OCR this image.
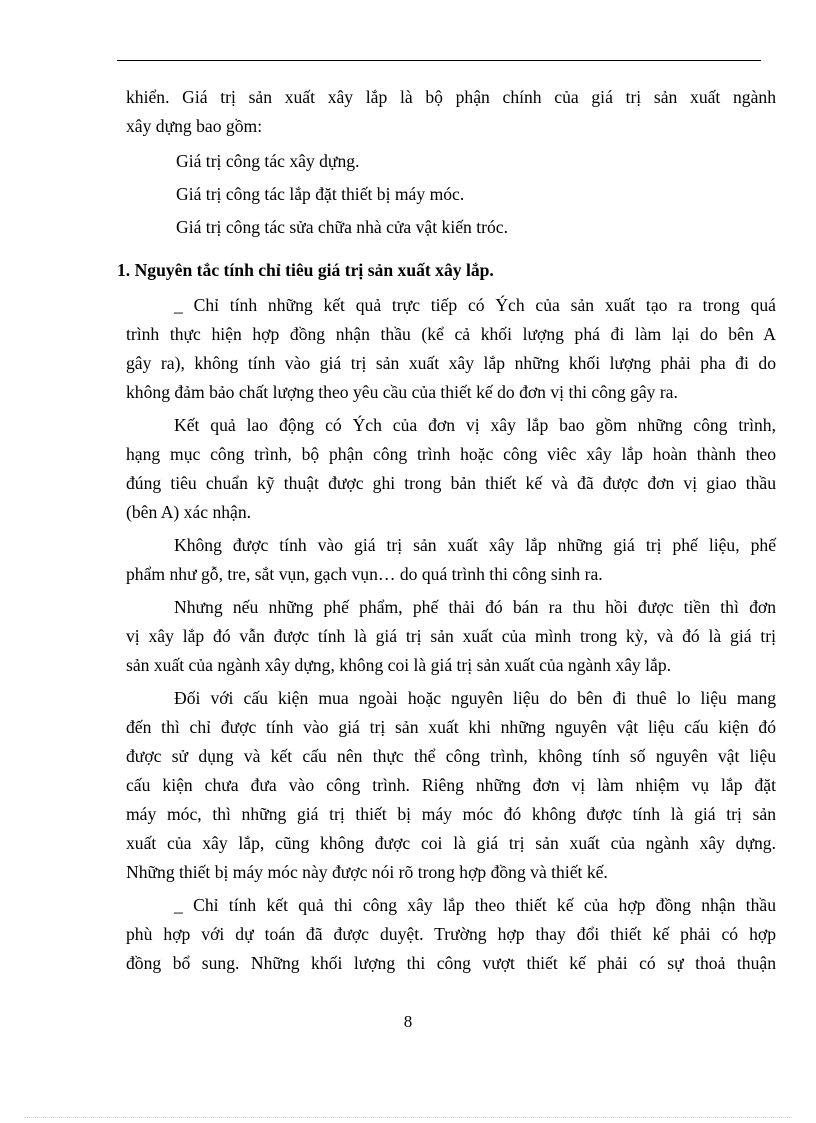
khiển. Giá trị sản xuất xây lắp là bộ phận chính của giá trị sản xuất ngành
xây dựng bao gồm:
Giá trị công tác xây dựng.
Giá trị công tác lắp đặt thiết bị máy móc.
Giá trị công tác sửa chữa nhà cửa vật kiến tróc.
1. Nguyên tắc tính chỉ tiêu giá trị sản xuất xây lắp.
_ Chỉ tính những kết quả trực tiếp có Ých của sản xuất tạo ra trong quá
trình thực hiện hợp đồng nhận thầu (kể cả khối lượng phá đi làm lại do bên A
gây ra), không tính vào giá trị sản xuất xây lắp những khối lượng phải pha đi do
không đảm bảo chất lượng theo yêu cầu của thiết kế do đơn vị thi công gây ra.
Kết quả lao động có Ých của đơn vị xây lắp bao gồm những công trình,
hạng mục công trình, bộ phận công trình hoặc công viêc xây lắp hoàn thành theo
đúng tiêu chuẩn kỹ thuật được ghi trong bản thiết kế và đã được đơn vị giao thầu
(bên A) xác nhận.
Không được tính vào giá trị sản xuất xây lắp những giá trị phế liệu, phế
phẩm như gỗ, tre, sắt vụn, gạch vụn… do quá trình thi công sinh ra.
Nhưng nếu những phế phẩm, phế thải đó bán ra thu hồi được tiền thì đơn
vị xây lắp đó vẫn được tính là giá trị sản xuất của mình trong kỳ, và đó là giá trị
sản xuất của ngành xây dựng, không coi là giá trị sản xuất của ngành xây lắp.
Đối với cấu kiện mua ngoài hoặc nguyên liệu do bên đi thuê lo liệu mang
đến thì chỉ được tính vào giá trị sản xuất khi những nguyên vật liệu cấu kiện đó
được sử dụng và kết cấu nên thực thể công trình, không tính số nguyên vật liệu
cấu kiện chưa đưa vào công trình. Riêng những đơn vị làm nhiệm vụ lắp đặt
máy móc, thì những giá trị thiết bị máy móc đó không được tính là giá trị sản
xuất của xây lắp, cũng không được coi là giá trị sản xuất của ngành xây dựng.
Những thiết bị máy móc này được nói rõ trong hợp đồng và thiết kế.
_ Chỉ tính kết quả thi công xây lắp theo thiết kế của hợp đồng nhận thầu
phù hợp với dự toán đã được duyệt. Trường hợp thay đổi thiết kế phải có hợp
đồng bổ sung. Những khối lượng thi công vượt thiết kế phải có sự thoả thuận
8
